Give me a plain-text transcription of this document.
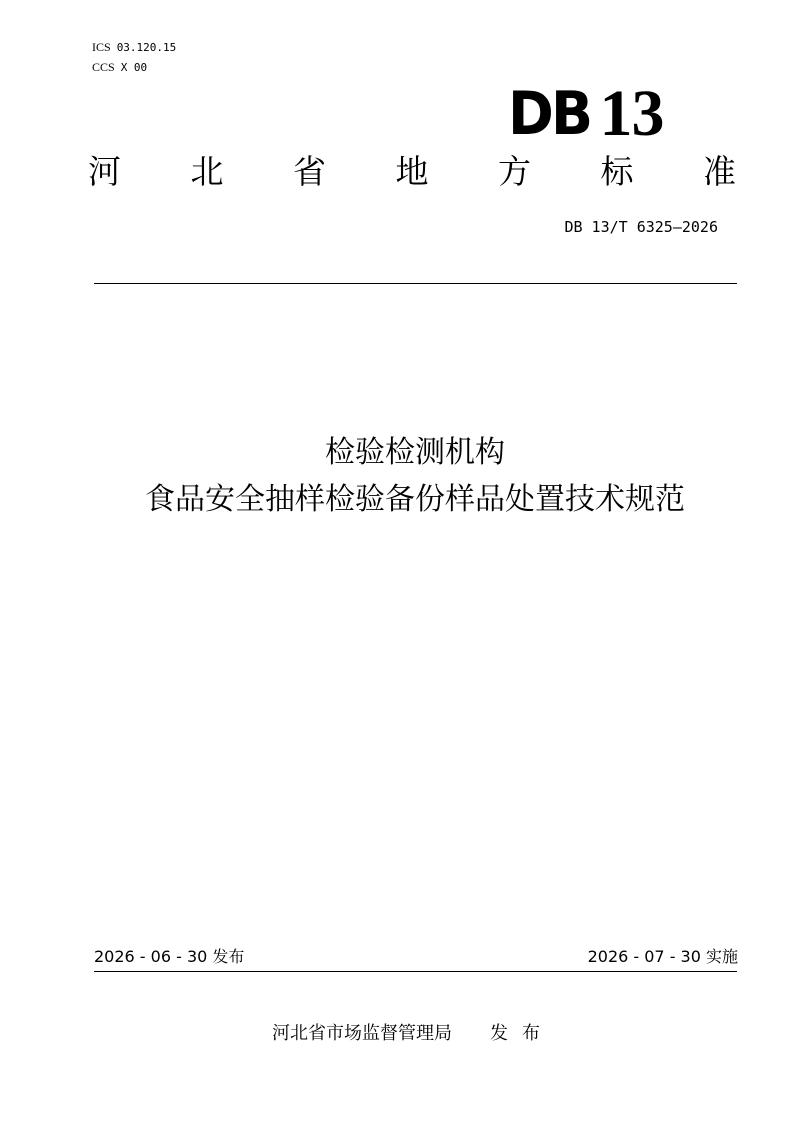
ICS 03.120.15
CCS X 00
DB 13
河 北 省 地 方 标 准
DB 13/T 6325—2026
检验检测机构
食品安全抽样检验备份样品处置技术规范
2026 - 06 - 30 发布	2026 - 07 - 30 实施
河北省市场监督管理局 发布
